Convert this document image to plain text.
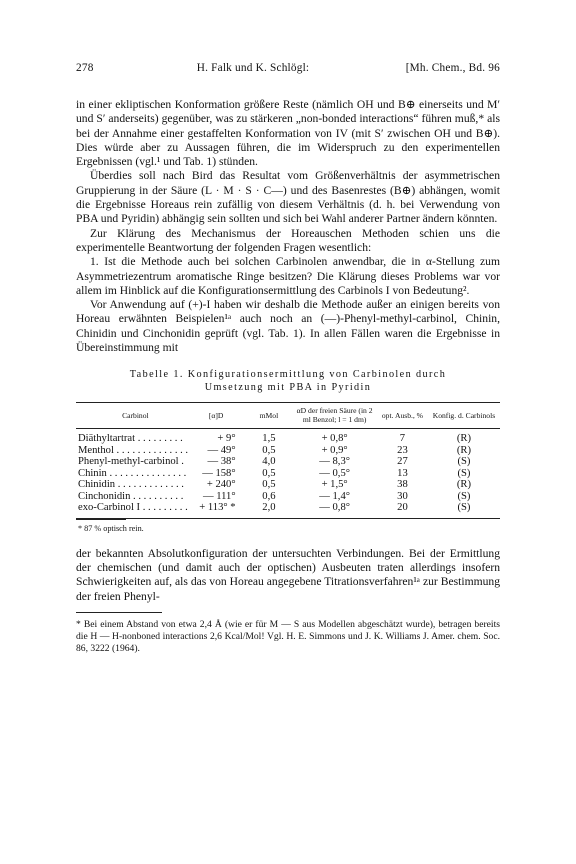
278	H. Falk und K. Schlögl:	[Mh. Chem., Bd. 96

in einer ekliptischen Konformation größere Reste (nämlich OH und B⊕ einerseits und M′ und S′ anderseits) gegenüber, was zu stärkeren „non-bonded interactions“ führen muß,* als bei der Annahme einer gestaffelten Konformation von IV (mit S′ zwischen OH und B⊕). Dies würde aber zu Aussagen führen, die im Widerspruch zu den experimentellen Ergebnissen (vgl.¹ und Tab. 1) stünden.

Überdies soll nach Bird das Resultat vom Größenverhältnis der asymmetrischen Gruppierung in der Säure (L · M · S · C—) und des Basenrestes (B⊕) abhängen, womit die Ergebnisse Horeaus rein zufällig von diesem Verhältnis (d. h. bei Verwendung von PBA und Pyridin) abhängig sein sollten und sich bei Wahl anderer Partner ändern könnten.

Zur Klärung des Mechanismus der Horeauschen Methoden schien uns die experimentelle Beantwortung der folgenden Fragen wesentlich:

1. Ist die Methode auch bei solchen Carbinolen anwendbar, die in α-Stellung zum Asymmetriezentrum aromatische Ringe besitzen? Die Klärung dieses Problems war vor allem im Hinblick auf die Konfigurationsermittlung des Carbinols I von Bedeutung².

Vor Anwendung auf (+)-I haben wir deshalb die Methode außer an einigen bereits von Horeau erwähnten Beispielen¹ᵃ auch noch an (—)-Phenyl-methyl-carbinol, Chinin, Chinidin und Cinchonidin geprüft (vgl. Tab. 1). In allen Fällen waren die Ergebnisse in Übereinstimmung mit

Tabelle 1. Konfigurationsermittlung von Carbinolen durch
Umsetzung mit PBA in Pyridin
Carbinol	[α]D	mMol	αD der freien Säure (in 2 ml Benzol; l = 1 dm)	opt. Ausb., %	Konfig. d. Carbinols
Diäthyltartrat . . . . . . . . .	+ 9°	1,5	+ 0,8°	7	(R)
Menthol . . . . . . . . . . . . . .	— 49°	0,5	+ 0,9°	23	(R)
Phenyl-methyl-carbinol .	— 38°	4,0	— 8,3°	27	(S)
Chinin . . . . . . . . . . . . . . .	— 158°	0,5	— 0,5°	13	(S)
Chinidin . . . . . . . . . . . . .	+ 240°	0,5	+ 1,5°	38	(R)
Cinchonidin . . . . . . . . . .	— 111°	0,6	— 1,4°	30	(S)
exo-Carbinol I . . . . . . . . .	+ 113° *	2,0	— 0,8°	20	(S)
* 87 % optisch rein.

der bekannten Absolutkonfiguration der untersuchten Verbindungen. Bei der Ermittlung der chemischen (und damit auch der optischen) Ausbeuten traten allerdings insofern Schwierigkeiten auf, als das von Horeau angegebene Titrationsverfahren¹ᵃ zur Bestimmung der freien Phenyl-

* Bei einem Abstand von etwa 2,4 Å (wie er für M — S aus Modellen abgeschätzt wurde), betragen bereits die H — H-nonboned interactions 2,6 Kcal/Mol! Vgl. H. E. Simmons und J. K. Williams J. Amer. chem. Soc. 86, 3222 (1964).
